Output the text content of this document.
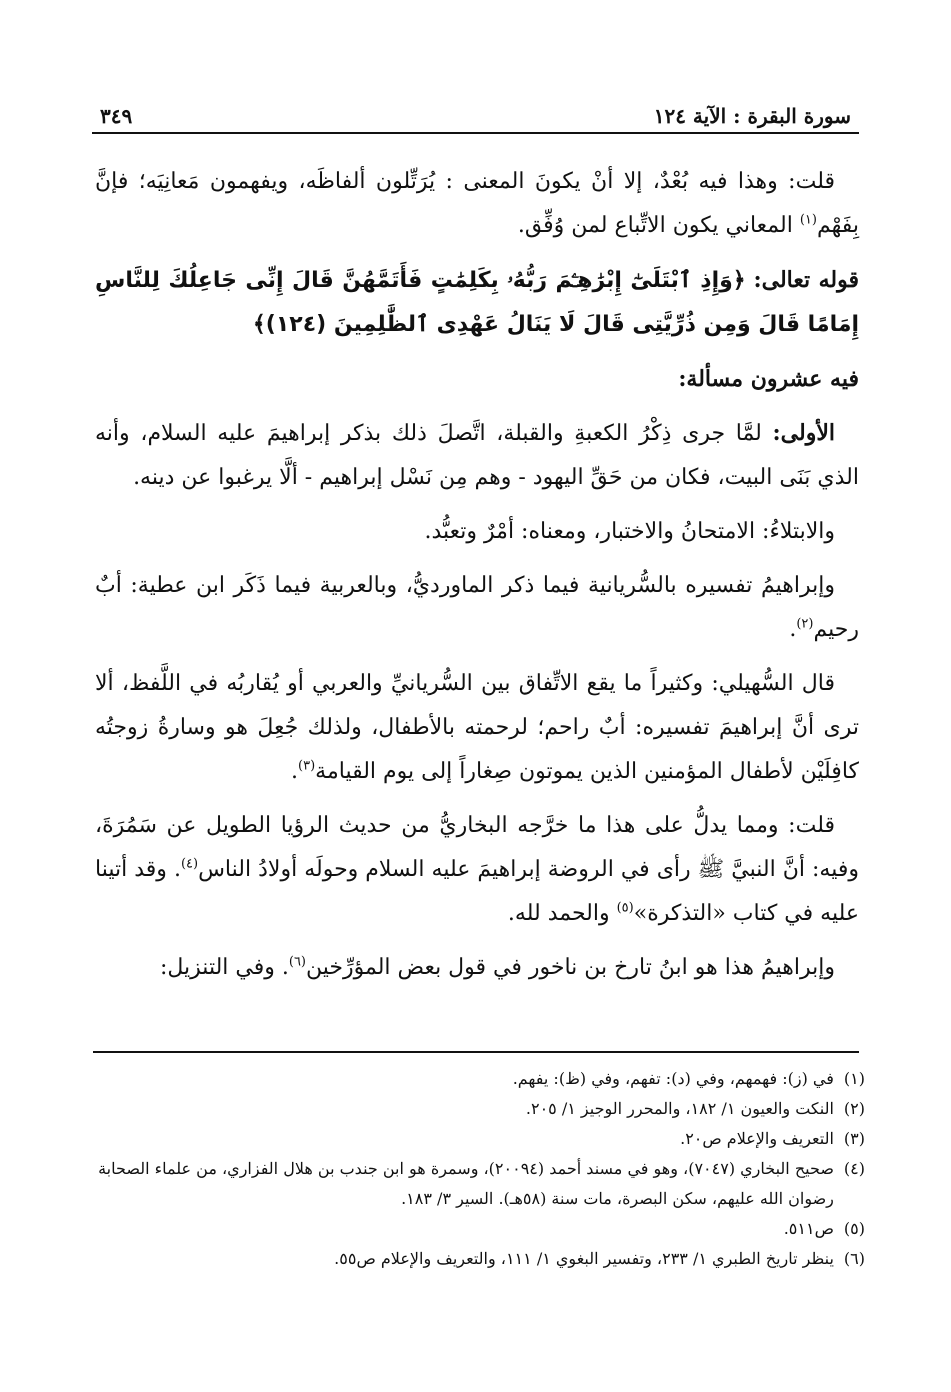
سورة البقرة : الآية ١٢٤
٣٤٩

قلت: وهذا فيه بُعْدٌ، إلا أنْ يكونَ المعنى : يُرَتِّلون ألفاظَه، ويفهمون مَعانِيَه؛ فإنَّ بِفَهْم$^{(١)}$ المعاني يكون الاتِّباع لمن وُفِّق.

قوله تعالى: ﴿وَإِذِ ٱبْتَلَىٰٓ إِبْرَٰهِـۧمَ رَبُّهُۥ بِكَلِمَٰتٍ فَأَتَمَّهُنَّ قَالَ إِنِّى جَاعِلُكَ لِلنَّاسِ إِمَامًا قَالَ وَمِن ذُرِّيَّتِى قَالَ لَا يَنَالُ عَهْدِى ٱلظَّٰلِمِينَ (١٢٤)﴾

فيه عشرون مسألة:

الأولى: لمَّا جرى ذِكْرُ الكعبةِ والقبلة، اتَّصلَ ذلك بذكر إبراهيمَ عليه السلام، وأنه الذي بَنَى البيت، فكان من حَقِّ اليهود - وهم مِن نَسْل إبراهيم - ألَّا يرغبوا عن دينه.

والابتلاءُ: الامتحانُ والاختبار، ومعناه: أمْرٌ وتعبُّد.

وإبراهيمُ تفسيره بالسُّريانية فيما ذكر الماورديُّ، وبالعربية فيما ذَكَر ابن عطية: أبٌ رحيم$^{(٢)}$.

قال السُّهيلي: وكثيراً ما يقع الاتِّفاق بين السُّريانيِّ والعربي أو يُقاربُه في اللَّفظ، ألا ترى أنَّ إبراهيمَ تفسيره: أبٌ راحم؛ لرحمته بالأطفال، ولذلك جُعِلَ هو وسارةُ زوجتُه كافِلَيْن لأطفال المؤمنين الذين يموتون صِغاراً إلى يوم القيامة$^{(٣)}$.

قلت: ومما يدلُّ على هذا ما خرَّجه البخاريُّ من حديث الرؤيا الطويل عن سَمُرَةَ، وفيه: أنَّ النبيَّ ﷺ رأى في الروضة إبراهيمَ عليه السلام وحولَه أولادُ الناس$^{(٤)}$. وقد أتينا عليه في كتاب «التذكرة»$^{(٥)}$ والحمد لله.

وإبراهيمُ هذا هو ابنُ تارخ بن ناخور في قول بعض المؤرِّخين$^{(٦)}$. وفي التنزيل:

(١)
في (ز): فهمهم، وفي (د): تفهم، وفي (ظ): يفهم.
(٢)
النكت والعيون ١/ ١٨٢، والمحرر الوجيز ١/ ٢٠٥.
(٣)
التعريف والإعلام ص٢٠.
(٤)
صحيح البخاري (٧٠٤٧)، وهو في مسند أحمد (٢٠٠٩٤)، وسمرة هو ابن جندب بن هلال الفزاري، من علماء الصحابة رضوان الله عليهم، سكن البصرة، مات سنة (٥٨هـ). السير ٣/ ١٨٣.
(٥)
ص٥١١.
(٦)
ينظر تاريخ الطبري ١/ ٢٣٣، وتفسير البغوي ١/ ١١١، والتعريف والإعلام ص٥٥.
